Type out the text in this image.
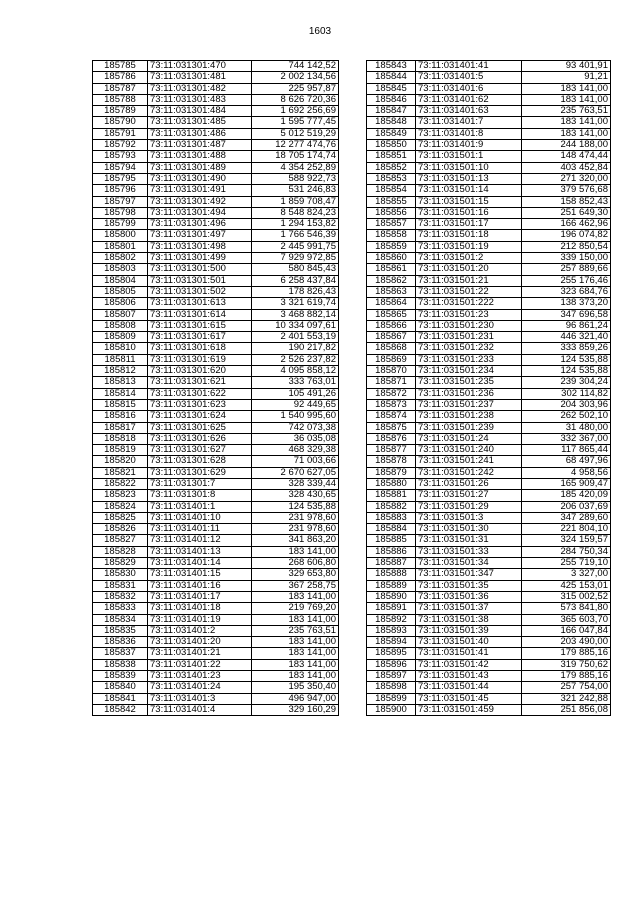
1603
185785	73:11:031301:470	744 142,52
185786	73:11:031301:481	2 002 134,56
185787	73:11:031301:482	225 957,87
185788	73:11:031301:483	8 626 720,36
185789	73:11:031301:484	1 692 256,69
185790	73:11:031301:485	1 595 777,45
185791	73:11:031301:486	5 012 519,29
185792	73:11:031301:487	12 277 474,76
185793	73:11:031301:488	18 705 174,74
185794	73:11:031301:489	4 354 252,89
185795	73:11:031301:490	588 922,73
185796	73:11:031301:491	531 246,83
185797	73:11:031301:492	1 859 708,47
185798	73:11:031301:494	8 548 824,23
185799	73:11:031301:496	1 294 153,82
185800	73:11:031301:497	1 766 546,39
185801	73:11:031301:498	2 445 991,75
185802	73:11:031301:499	7 929 972,85
185803	73:11:031301:500	580 845,43
185804	73:11:031301:501	6 258 437,84
185805	73:11:031301:502	178 826,43
185806	73:11:031301:613	3 321 619,74
185807	73:11:031301:614	3 468 882,14
185808	73:11:031301:615	10 334 097,61
185809	73:11:031301:617	2 401 553,19
185810	73:11:031301:618	190 217,82
185811	73:11:031301:619	2 526 237,82
185812	73:11:031301:620	4 095 858,12
185813	73:11:031301:621	333 763,01
185814	73:11:031301:622	105 491,26
185815	73:11:031301:623	92 449,65
185816	73:11:031301:624	1 540 995,60
185817	73:11:031301:625	742 073,38
185818	73:11:031301:626	36 035,08
185819	73:11:031301:627	468 329,38
185820	73:11:031301:628	71 003,66
185821	73:11:031301:629	2 670 627,05
185822	73:11:031301:7	328 339,44
185823	73:11:031301:8	328 430,65
185824	73:11:031401:1	124 535,88
185825	73:11:031401:10	231 978,60
185826	73:11:031401:11	231 978,60
185827	73:11:031401:12	341 863,20
185828	73:11:031401:13	183 141,00
185829	73:11:031401:14	268 606,80
185830	73:11:031401:15	329 653,80
185831	73:11:031401:16	367 258,75
185832	73:11:031401:17	183 141,00
185833	73:11:031401:18	219 769,20
185834	73:11:031401:19	183 141,00
185835	73:11:031401:2	235 763,51
185836	73:11:031401:20	183 141,00
185837	73:11:031401:21	183 141,00
185838	73:11:031401:22	183 141,00
185839	73:11:031401:23	183 141,00
185840	73:11:031401:24	195 350,40
185841	73:11:031401:3	496 947,00
185842	73:11:031401:4	329 160,29
185843	73:11:031401:41	93 401,91
185844	73:11:031401:5	91,21
185845	73:11:031401:6	183 141,00
185846	73:11:031401:62	183 141,00
185847	73:11:031401:63	235 763,51
185848	73:11:031401:7	183 141,00
185849	73:11:031401:8	183 141,00
185850	73:11:031401:9	244 188,00
185851	73:11:031501:1	148 474,44
185852	73:11:031501:10	403 452,84
185853	73:11:031501:13	271 320,00
185854	73:11:031501:14	379 576,68
185855	73:11:031501:15	158 852,43
185856	73:11:031501:16	251 649,30
185857	73:11:031501:17	166 462,96
185858	73:11:031501:18	196 074,82
185859	73:11:031501:19	212 850,54
185860	73:11:031501:2	339 150,00
185861	73:11:031501:20	257 889,66
185862	73:11:031501:21	255 176,46
185863	73:11:031501:22	323 684,76
185864	73:11:031501:222	138 373,20
185865	73:11:031501:23	347 696,58
185866	73:11:031501:230	96 861,24
185867	73:11:031501:231	446 321,40
185868	73:11:031501:232	333 859,26
185869	73:11:031501:233	124 535,88
185870	73:11:031501:234	124 535,88
185871	73:11:031501:235	239 304,24
185872	73:11:031501:236	302 114,82
185873	73:11:031501:237	204 303,96
185874	73:11:031501:238	262 502,10
185875	73:11:031501:239	31 480,00
185876	73:11:031501:24	332 367,00
185877	73:11:031501:240	117 865,44
185878	73:11:031501:241	68 497,96
185879	73:11:031501:242	4 958,56
185880	73:11:031501:26	165 909,47
185881	73:11:031501:27	185 420,09
185882	73:11:031501:29	206 037,69
185883	73:11:031501:3	347 289,60
185884	73:11:031501:30	221 804,10
185885	73:11:031501:31	324 159,57
185886	73:11:031501:33	284 750,34
185887	73:11:031501:34	255 719,10
185888	73:11:031501:347	3 327,00
185889	73:11:031501:35	425 153,01
185890	73:11:031501:36	315 002,52
185891	73:11:031501:37	573 841,80
185892	73:11:031501:38	365 603,70
185893	73:11:031501:39	166 047,84
185894	73:11:031501:40	203 490,00
185895	73:11:031501:41	179 885,16
185896	73:11:031501:42	319 750,62
185897	73:11:031501:43	179 885,16
185898	73:11:031501:44	257 754,00
185899	73:11:031501:45	321 242,88
185900	73:11:031501:459	251 856,08
